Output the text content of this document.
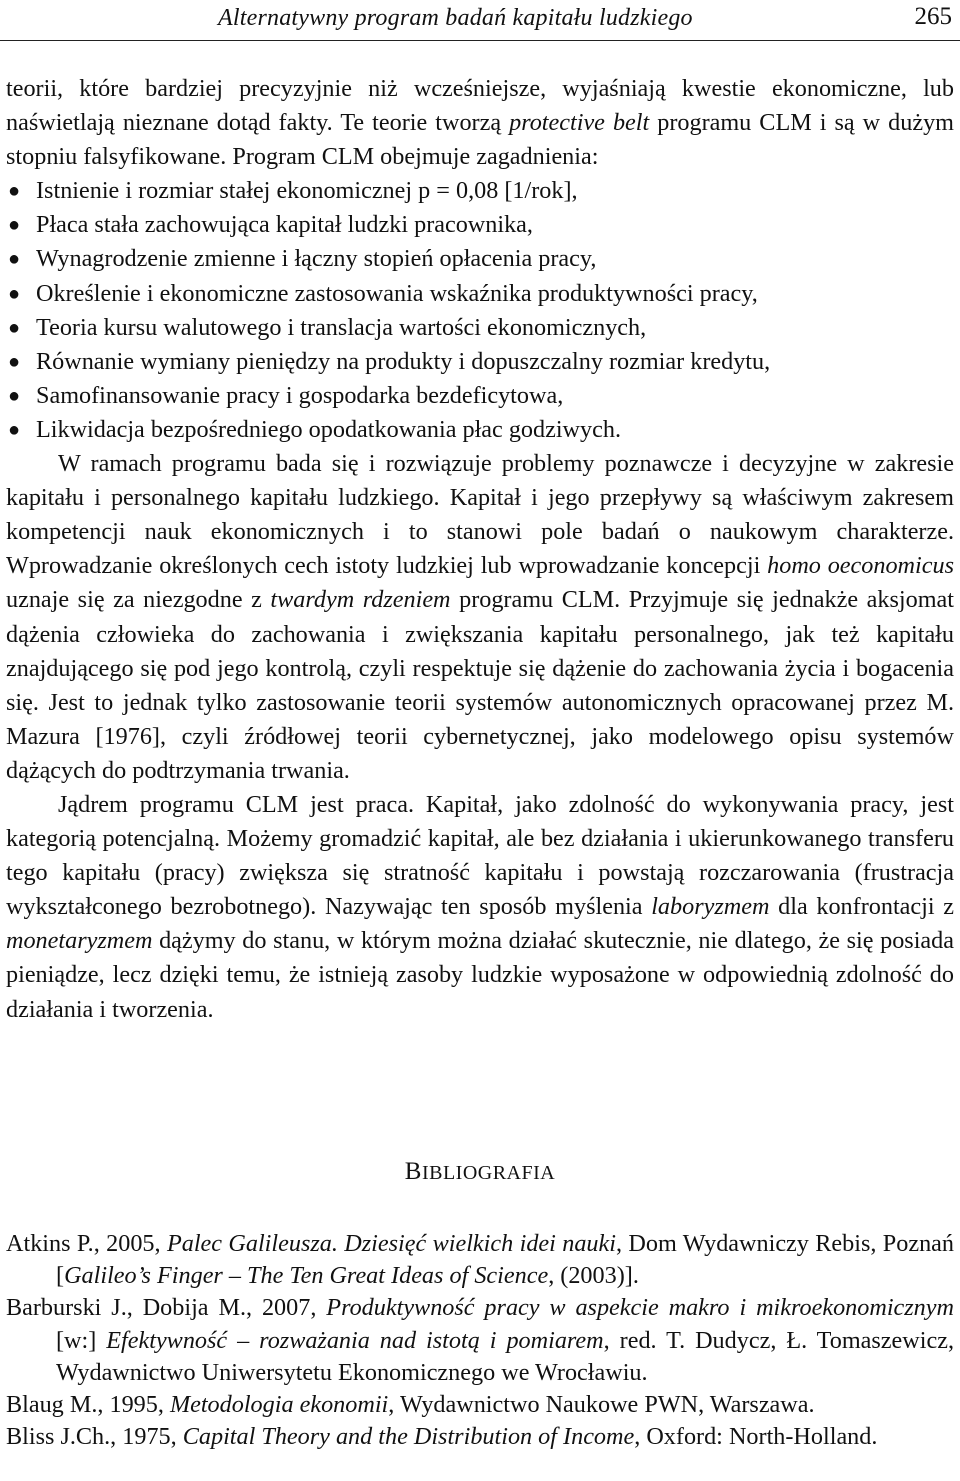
Alternatywny program badań kapitału ludzkiego	265

teorii, które bardziej precyzyjnie niż wcześniejsze, wyjaśniają kwestie ekonomiczne, lub naświetlają nieznane dotąd fakty. Te teorie tworzą protective belt programu CLM i są w dużym stopniu falsyfikowane. Program CLM obejmuje zagadnienia:

● Istnienie i rozmiar stałej ekonomicznej p = 0,08 [1/rok],
● Płaca stała zachowująca kapitał ludzki pracownika,
● Wynagrodzenie zmienne i łączny stopień opłacenia pracy,
● Określenie i ekonomiczne zastosowania wskaźnika produktywności pracy,
● Teoria kursu walutowego i translacja wartości ekonomicznych,
● Równanie wymiany pieniędzy na produkty i dopuszczalny rozmiar kredytu,
● Samofinansowanie pracy i gospodarka bezdeficytowa,
● Likwidacja bezpośredniego opodatkowania płac godziwych.

W ramach programu bada się i rozwiązuje problemy poznawcze i decyzyjne w zakresie kapitału i personalnego kapitału ludzkiego. Kapitał i jego przepływy są właściwym zakresem kompetencji nauk ekonomicznych i to stanowi pole badań o naukowym charakterze. Wprowadzanie określonych cech istoty ludzkiej lub wprowadzanie koncepcji homo oeconomicus uznaje się za niezgodne z twardym rdzeniem programu CLM. Przyjmuje się jednakże aksjomat dążenia człowieka do zachowania i zwiększania kapitału personalnego, jak też kapitału znajdującego się pod jego kontrolą, czyli respektuje się dążenie do zachowania życia i bogacenia się. Jest to jednak tylko zastosowanie teorii systemów autonomicznych opracowanej przez M. Mazura [1976], czyli źródłowej teorii cybernetycznej, jako modelowego opisu systemów dążących do podtrzymania trwania.

Jądrem programu CLM jest praca. Kapitał, jako zdolność do wykonywania pracy, jest kategorią potencjalną. Możemy gromadzić kapitał, ale bez działania i ukierunkowanego transferu tego kapitału (pracy) zwiększa się stratność kapitału i powstają rozczarowania (frustracja wykształconego bezrobotnego). Nazywając ten sposób myślenia laboryzmem dla konfrontacji z monetaryzmem dążymy do stanu, w którym można działać skutecznie, nie dlatego, że się posiada pieniądze, lecz dzięki temu, że istnieją zasoby ludzkie wyposażone w odpowiednią zdolność do działania i tworzenia.

BIBLIOGRAFIA

Atkins P., 2005, Palec Galileusza. Dziesięć wielkich idei nauki, Dom Wydawniczy Rebis, Poznań [Galileo’s Finger – The Ten Great Ideas of Science, (2003)].

Barburski J., Dobija M., 2007, Produktywność pracy w aspekcie makro i mikroekonomicznym [w:] Efektywność – rozważania nad istotą i pomiarem, red. T. Dudycz, Ł. Tomaszewicz, Wydawnictwo Uniwersytetu Ekonomicznego we Wrocławiu.

Blaug M., 1995, Metodologia ekonomii, Wydawnictwo Naukowe PWN, Warszawa.

Bliss J.Ch., 1975, Capital Theory and the Distribution of Income, Oxford: North-Holland.
